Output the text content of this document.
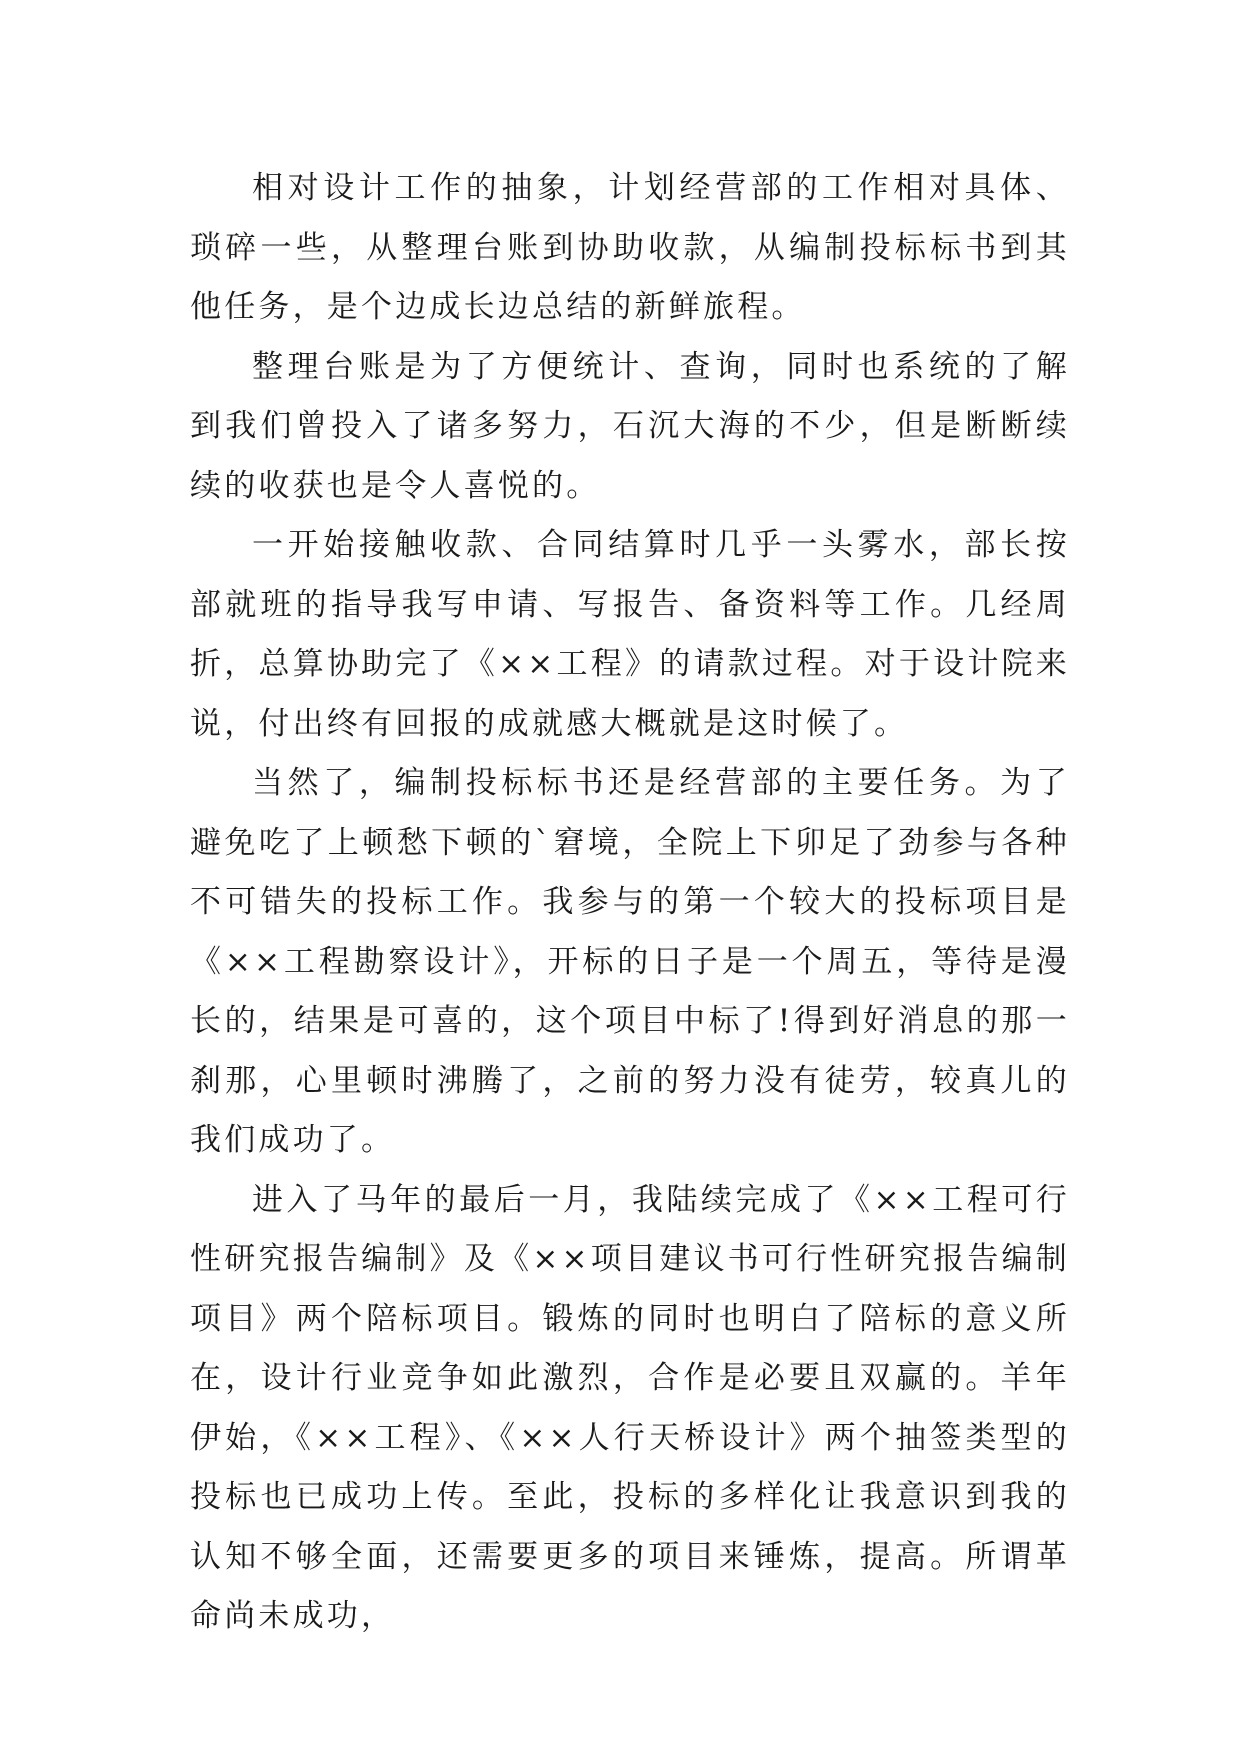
相对设计工作的抽象，计划经营部的工作相对具体、琐碎一些，从整理台账到协助收款，从编制投标标书到其他任务，是个边成长边总结的新鲜旅程。

整理台账是为了方便统计、查询，同时也系统的了解到我们曾投入了诸多努力，石沉大海的不少，但是断断续续的收获也是令人喜悦的。

一开始接触收款、合同结算时几乎一头雾水，部长按部就班的指导我写申请、写报告、备资料等工作。几经周折，总算协助完了《××工程》的请款过程。对于设计院来说，付出终有回报的成就感大概就是这时候了。

当然了，编制投标标书还是经营部的主要任务。为了避免吃了上顿愁下顿的`窘境，全院上下卯足了劲参与各种不可错失的投标工作。我参与的第一个较大的投标项目是《××工程勘察设计》，开标的日子是一个周五，等待是漫长的，结果是可喜的，这个项目中标了!得到好消息的那一刹那，心里顿时沸腾了，之前的努力没有徒劳，较真儿的我们成功了。

进入了马年的最后一月，我陆续完成了《××工程可行性研究报告编制》及《××项目建议书可行性研究报告编制项目》两个陪标项目。锻炼的同时也明白了陪标的意义所在，设计行业竞争如此激烈，合作是必要且双赢的。羊年伊始，《××工程》、《××人行天桥设计》两个抽签类型的投标也已成功上传。至此，投标的多样化让我意识到我的认知不够全面，还需要更多的项目来锤炼，提高。所谓革命尚未成功，
